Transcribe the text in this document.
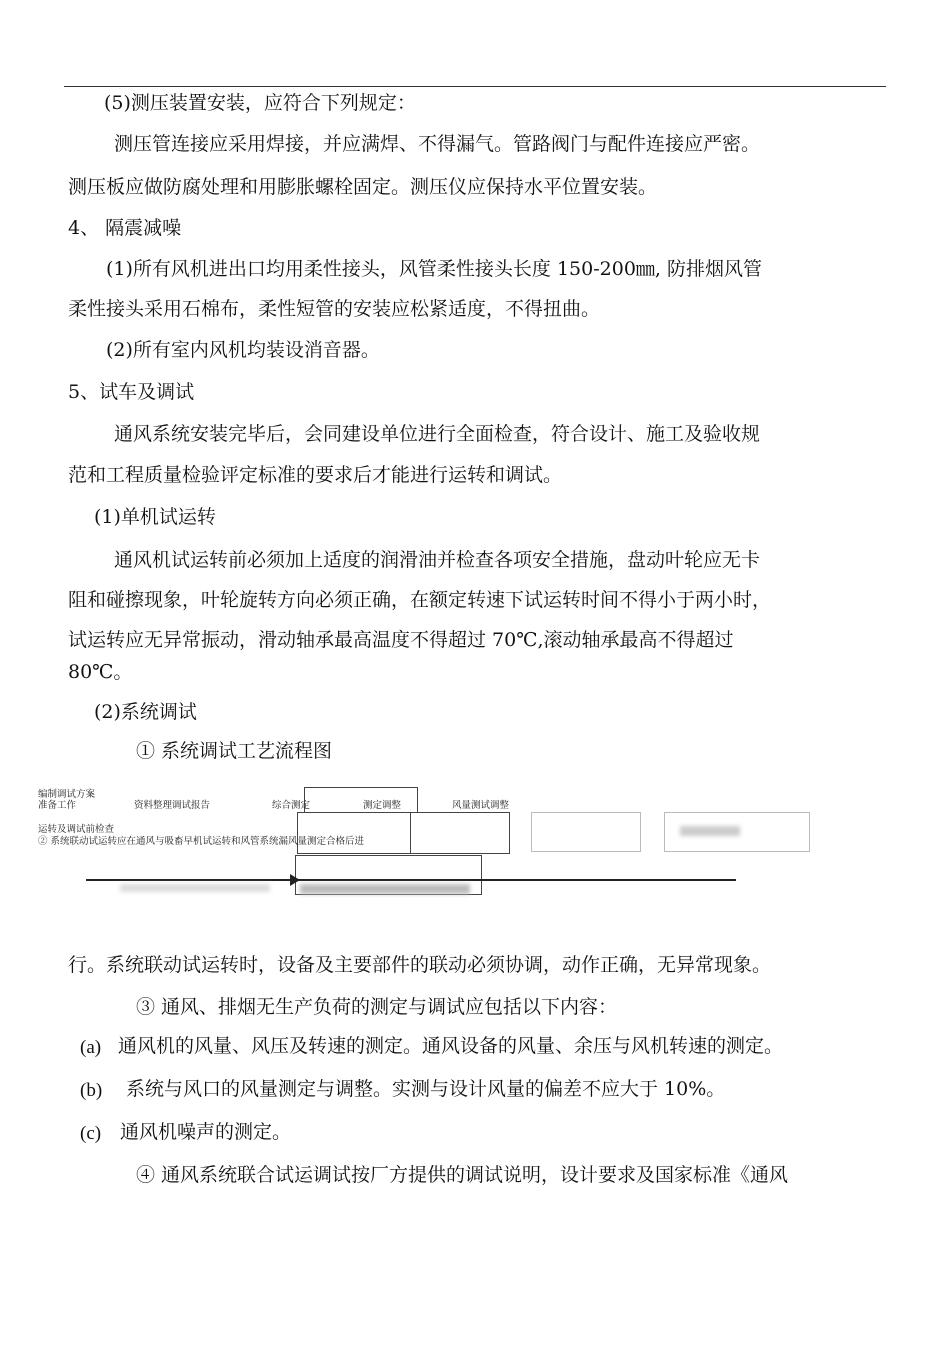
(5)测压装置安装，应符合下列规定：
测压管连接应采用焊接，并应满焊、不得漏气。管路阀门与配件连接应严密。
测压板应做防腐处理和用膨胀螺栓固定。测压仪应保持水平位置安装。
4、 隔震减噪
(1)所有风机进出口均用柔性接头，风管柔性接头长度 150-200㎜, 防排烟风管
柔性接头采用石棉布，柔性短管的安装应松紧适度，不得扭曲。
(2)所有室内风机均装设消音器。
5、试车及调试
通风系统安装完毕后，会同建设单位进行全面检查，符合设计、施工及验收规
范和工程质量检验评定标准的要求后才能进行运转和调试。
(1)单机试运转
通风机试运转前必须加上适度的润滑油并检查各项安全措施，盘动叶轮应无卡
阻和碰擦现象，叶轮旋转方向必须正确，在额定转速下试运转时间不得小于两小时，
试运转应无异常振动，滑动轴承最高温度不得超过 70℃,滚动轴承最高不得超过
80℃。
(2)系统调试
① 系统调试工艺流程图
编制调试方案
准备工作	资料整理调试报告	综合测定	测定调整	风量测试调整
运转及调试前检查
② 系统联动试运转应在通风与吸畜早机试运转和风管系统漏风量测定合格后进
行。系统联动试运转时，设备及主要部件的联动必须协调，动作正确，无异常现象。
③ 通风、排烟无生产负荷的测定与调试应包括以下内容：
(a) 通风机的风量、风压及转速的测定。通风设备的风量、余压与风机转速的测定。
(b) 系统与风口的风量测定与调整。实测与设计风量的偏差不应大于 10%。
(c) 通风机噪声的测定。
④ 通风系统联合试运调试按厂方提供的调试说明，设计要求及国家标准《通风
